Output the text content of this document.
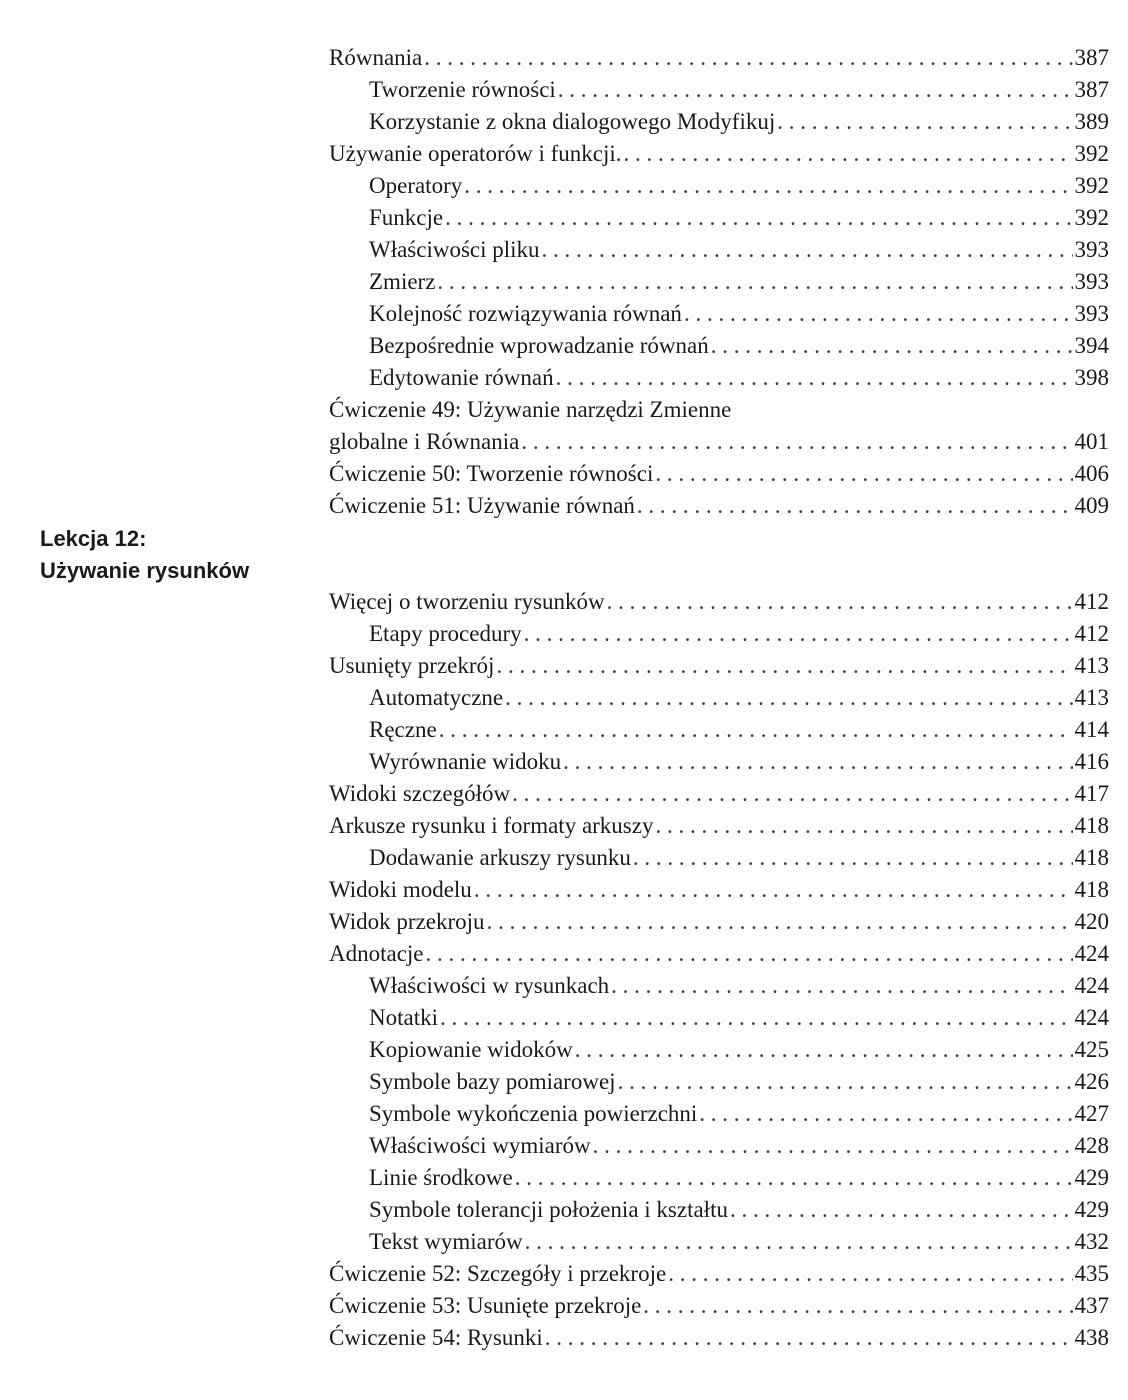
Równania . . .	387
Tworzenie równości . . .	387
Korzystanie z okna dialogowego Modyfikuj . . .	389
Używanie operatorów i funkcji. . . .	392
Operatory . . .	392
Funkcje . . .	392
Właściwości pliku . . .	393
Zmierz . . .	393
Kolejność rozwiązywania równań . . .	393
Bezpośrednie wprowadzanie równań . . .	394
Edytowanie równań . . .	398
Ćwiczenie 49: Używanie narzędzi Zmienne
globalne i Równania . . .	401
Ćwiczenie 50: Tworzenie równości . . .	406
Ćwiczenie 51: Używanie równań . . .	409
Lekcja 12:
Używanie rysunków
Więcej o tworzeniu rysunków . . .	412
Etapy procedury . . .	412
Usunięty przekrój . . .	413
Automatyczne . . .	413
Ręczne . . .	414
Wyrównanie widoku . . .	416
Widoki szczegółów . . .	417
Arkusze rysunku i formaty arkuszy . . .	418
Dodawanie arkuszy rysunku . . .	418
Widoki modelu . . .	418
Widok przekroju . . .	420
Adnotacje . . .	424
Właściwości w rysunkach . . .	424
Notatki . . .	424
Kopiowanie widoków . . .	425
Symbole bazy pomiarowej . . .	426
Symbole wykończenia powierzchni . . .	427
Właściwości wymiarów . . .	428
Linie środkowe . . .	429
Symbole tolerancji położenia i kształtu . . .	429
Tekst wymiarów . . .	432
Ćwiczenie 52: Szczegóły i przekroje . . .	435
Ćwiczenie 53: Usunięte przekroje . . .	437
Ćwiczenie 54: Rysunki . . .	438
